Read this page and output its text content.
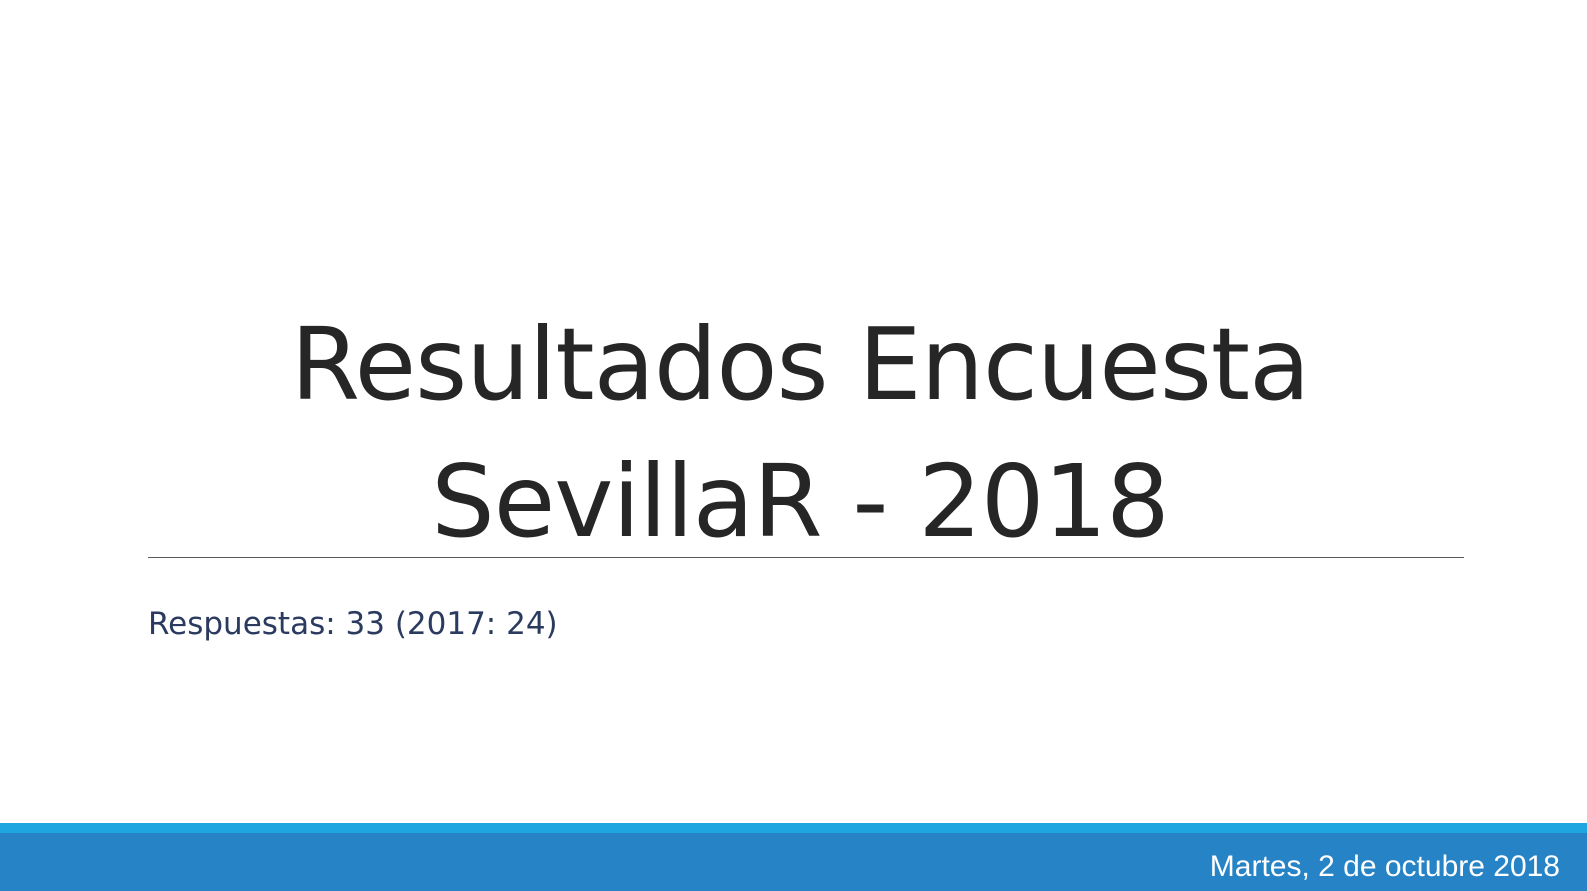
Resultados Encuesta
SevillaR - 2018
Respuestas: 33 (2017: 24)
Martes, 2 de octubre 2018
